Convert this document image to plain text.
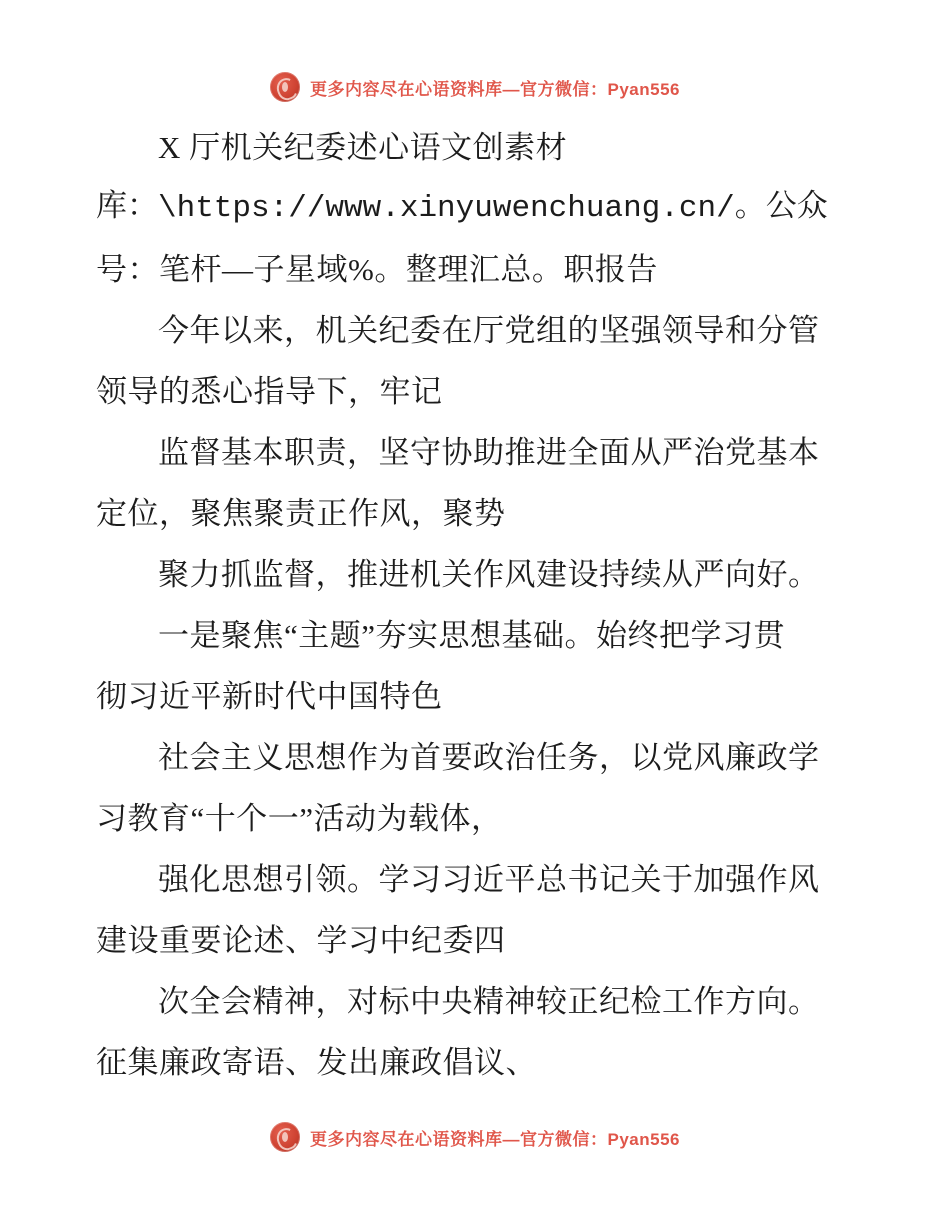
更多内容尽在心语资料库—官方微信：Pyan556

X 厅机关纪委述心语文创素材

库：\https://www.xinyuwenchuang.cn/。公众

号：笔杆—子星域%。整理汇总。职报告

今年以来，机关纪委在厅党组的坚强领导和分管

领导的悉心指导下，牢记

监督基本职责，坚守协助推进全面从严治党基本

定位，聚焦聚责正作风，聚势

聚力抓监督，推进机关作风建设持续从严向好。

一是聚焦“主题”夯实思想基础。始终把学习贯

彻习近平新时代中国特色

社会主义思想作为首要政治任务，以党风廉政学

习教育“十个一”活动为载体，

强化思想引领。学习习近平总书记关于加强作风

建设重要论述、学习中纪委四

次全会精神，对标中央精神较正纪检工作方向。

征集廉政寄语、发出廉政倡议、

更多内容尽在心语资料库—官方微信：Pyan556
